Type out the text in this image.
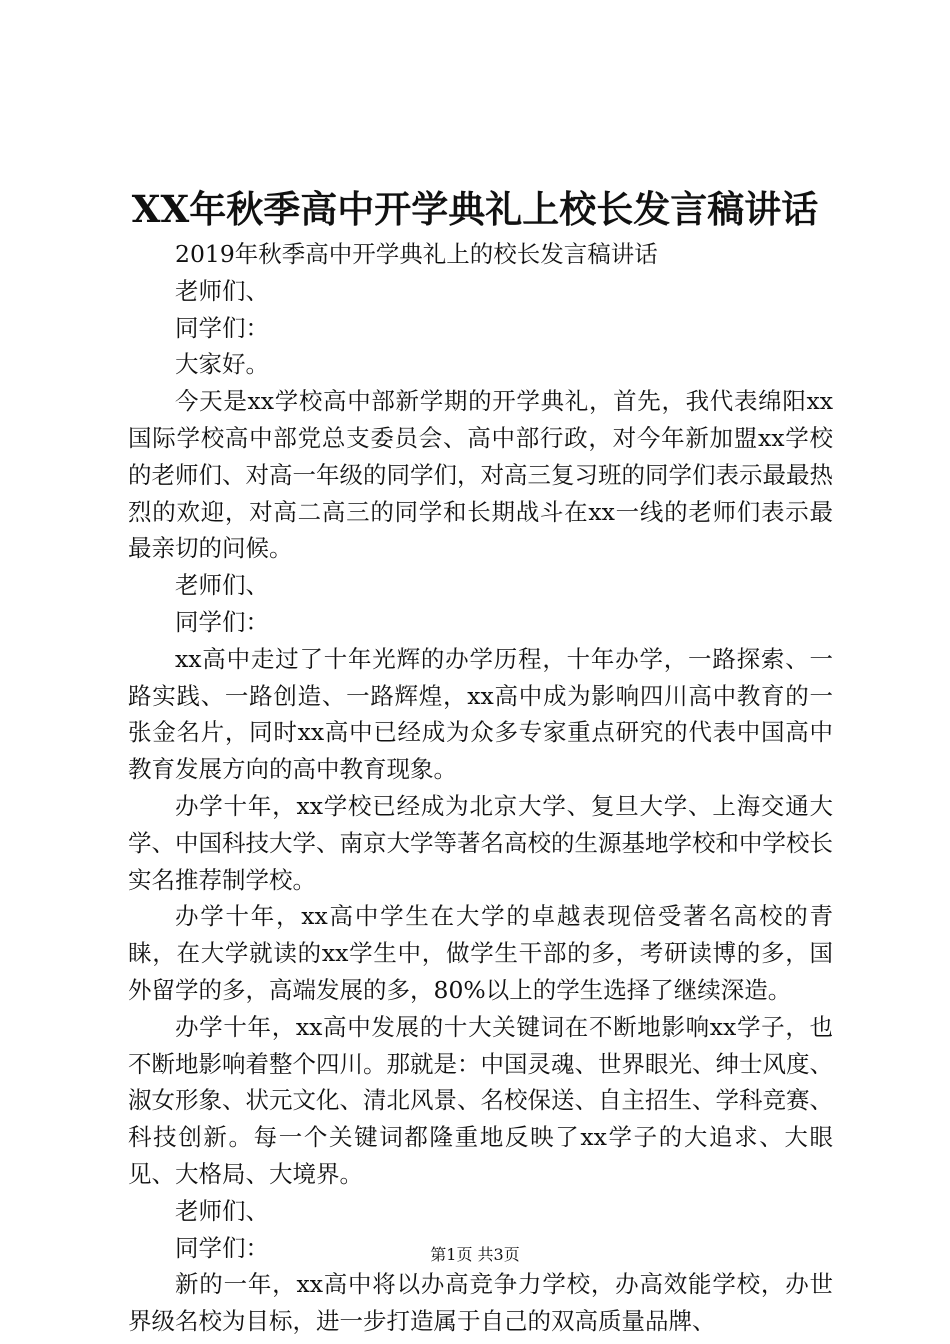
XX年秋季高中开学典礼上校长发言稿讲话

2019年秋季高中开学典礼上的校长发言稿讲话

老师们、

同学们：

大家好。

今天是xx学校高中部新学期的开学典礼，首先，我代表绵阳xx国际学校高中部党总支委员会、高中部行政，对今年新加盟xx学校的老师们、对高一年级的同学们，对高三复习班的同学们表示最最热烈的欢迎，对高二高三的同学和长期战斗在xx一线的老师们表示最最亲切的问候。

老师们、

同学们：

xx高中走过了十年光辉的办学历程，十年办学，一路探索、一路实践、一路创造、一路辉煌，xx高中成为影响四川高中教育的一张金名片，同时xx高中已经成为众多专家重点研究的代表中国高中教育发展方向的高中教育现象。

办学十年，xx学校已经成为北京大学、复旦大学、上海交通大学、中国科技大学、南京大学等著名高校的生源基地学校和中学校长实名推荐制学校。

办学十年，xx高中学生在大学的卓越表现倍受著名高校的青睐，在大学就读的xx学生中，做学生干部的多，考研读博的多，国外留学的多，高端发展的多，80%以上的学生选择了继续深造。

办学十年，xx高中发展的十大关键词在不断地影响xx学子，也不断地影响着整个四川。那就是：中国灵魂、世界眼光、绅士风度、淑女形象、状元文化、清北风景、名校保送、自主招生、学科竞赛、科技创新。每一个关键词都隆重地反映了xx学子的大追求、大眼见、大格局、大境界。

老师们、

同学们：

新的一年，xx高中将以办高竞争力学校，办高效能学校，办世界级名校为目标，进一步打造属于自己的双高质量品牌、

第1页 共3页
